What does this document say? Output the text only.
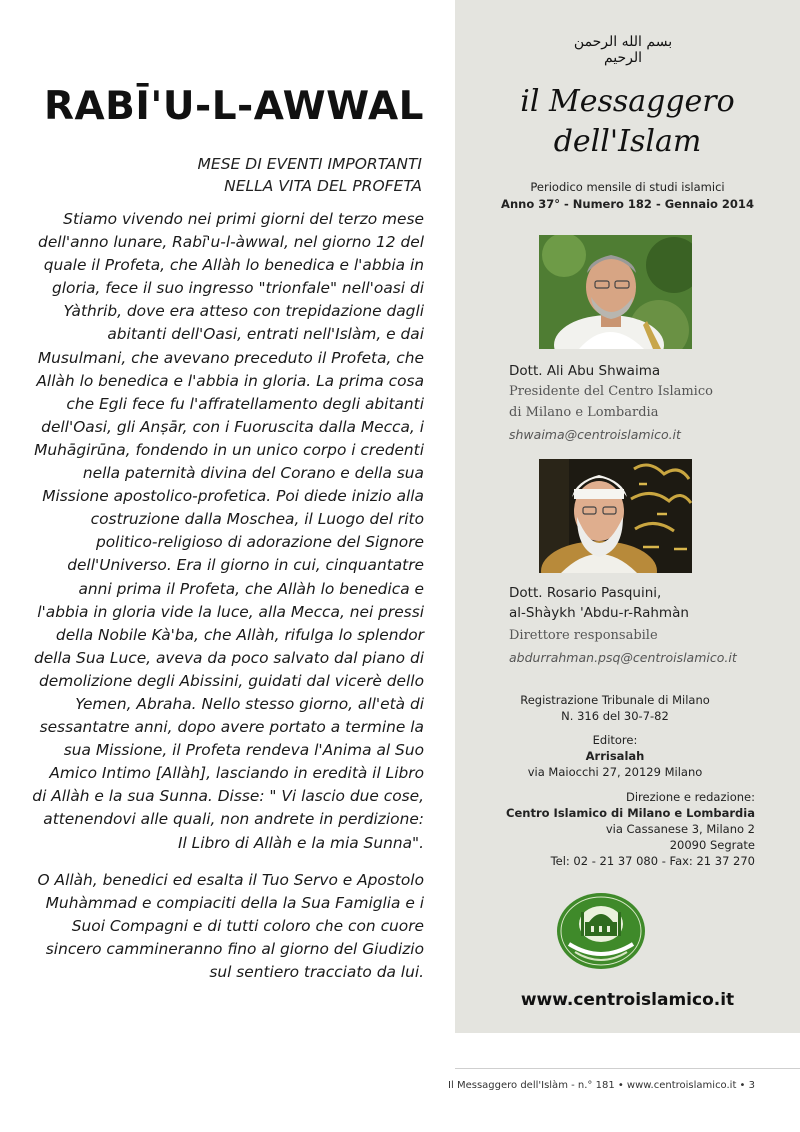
RABĪ'U-L-AWWAL
MESE DI EVENTI IMPORTANTI
NELLA VITA DEL PROFETA

Stiamo vivendo nei primi giorni del terzo mese dell'anno lunare, Rabī'u-l-àwwal, nel giorno 12 del quale il Profeta, che Allàh lo benedica e l'abbia in gloria, fece il suo ingresso "trionfale" nell'oasi di Yàthrib, dove era atteso con trepidazione dagli abitanti dell'Oasi, entrati nell'Islàm, e dai Musulmani, che avevano preceduto il Profeta, che Allàh lo benedica e l'abbia in gloria. La prima cosa che Egli fece fu l'affratellamento degli abitanti dell'Oasi, gli Anṣār, con i Fuoruscita dalla Mecca, i Muhāgirūna, fondendo in un unico corpo i credenti nella paternità divina del Corano e della sua Missione apostolico-profetica. Poi diede inizio alla costruzione dalla Moschea, il Luogo del rito politico-religioso di adorazione del Signore dell'Universo. Era il giorno in cui, cinquantatre anni prima il Profeta, che Allàh lo benedica e l'abbia in gloria vide la luce, alla Mecca, nei pressi della Nobile Kà'ba, che Allàh, rifulga lo splendor della Sua Luce, aveva da poco salvato dal piano di demolizione degli Abissini, guidati dal vicerè dello Yemen, Abraha. Nello stesso giorno, all'età di sessantatre anni, dopo avere portato a termine la sua Missione, il Profeta rendeva l'Anima al Suo Amico Intimo [Allàh], lasciando in eredità il Libro di Allàh e la sua Sunna. Disse: " Vi lascio due cose, attenendovi alle quali, non andrete in perdizione: Il Libro di Allàh e la mia Sunna".

O Allàh, benedici ed esalta il Tuo Servo e Apostolo Muhàmmad e compiaciti della la Sua Famiglia e i Suoi Compagni e di tutti coloro che con cuore sincero cammineranno fino al giorno del Giudizio sul sentiero tracciato da lui.

بسم الله الرحمن الرحيم
il Messaggero
dell'Islam
Periodico mensile di studi islamici
Anno 37° - Numero 182 - Gennaio 2014
Dott. Ali Abu Shwaima
Presidente del Centro Islamico
di Milano e Lombardia
shwaima@centroislamico.it
Dott. Rosario Pasquini,
al-Shàykh 'Abdu-r-Rahmàn
Direttore responsabile
abdurrahman.psq@centroislamico.it
Registrazione Tribunale di Milano
N. 316 del 30-7-82
Editore:
Arrisalah
via Maiocchi 27, 20129 Milano
Direzione e redazione:
Centro Islamico di Milano e Lombardia
via Cassanese 3, Milano 2
20090 Segrate
Tel: 02 - 21 37 080 - Fax: 21 37 270
www.centroislamico.it
Il Messaggero dell'Islàm - n.° 181 • www.centroislamico.it • 3
